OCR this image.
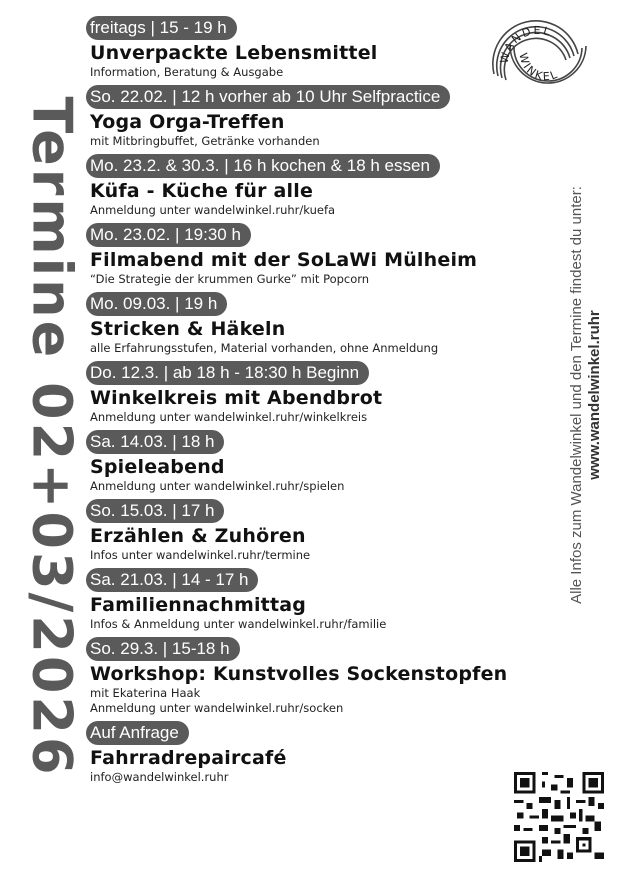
Termine 02+03/2026
freitags | 15 - 19 h
Unverpackte Lebensmittel
Information, Beratung & Ausgabe
So. 22.02. | 12 h vorher ab 10 Uhr Selfpractice
Yoga Orga-Treffen
mit Mitbringbuffet, Getränke vorhanden
Mo. 23.2. & 30.3. | 16 h kochen & 18 h essen
Küfa - Küche für alle
Anmeldung unter wandelwinkel.ruhr/kuefa
Mo. 23.02. | 19:30 h
Filmabend mit der SoLaWi Mülheim
“Die Strategie der krummen Gurke” mit Popcorn
Mo. 09.03. | 19 h
Stricken & Häkeln
alle Erfahrungsstufen, Material vorhanden, ohne Anmeldung
Do. 12.3. | ab 18 h - 18:30 h Beginn
Winkelkreis mit Abendbrot
Anmeldung unter wandelwinkel.ruhr/winkelkreis
Sa. 14.03. | 18 h
Spieleabend
Anmeldung unter wandelwinkel.ruhr/spielen
So. 15.03. | 17 h
Erzählen & Zuhören
Infos unter wandelwinkel.ruhr/termine
Sa. 21.03. | 14 - 17 h
Familiennachmittag
Infos & Anmeldung unter wandelwinkel.ruhr/familie
So. 29.3. | 15-18 h
Workshop: Kunstvolles Sockenstopfen
mit Ekaterina Haak
Anmeldung unter wandelwinkel.ruhr/socken
Auf Anfrage
Fahrradrepaircafé
info@wandelwinkel.ruhr
WANDEL
WINKEL
Alle Infos zum Wandelwinkel und den Termine findest du unter: www.wandelwinkel.ruhr
